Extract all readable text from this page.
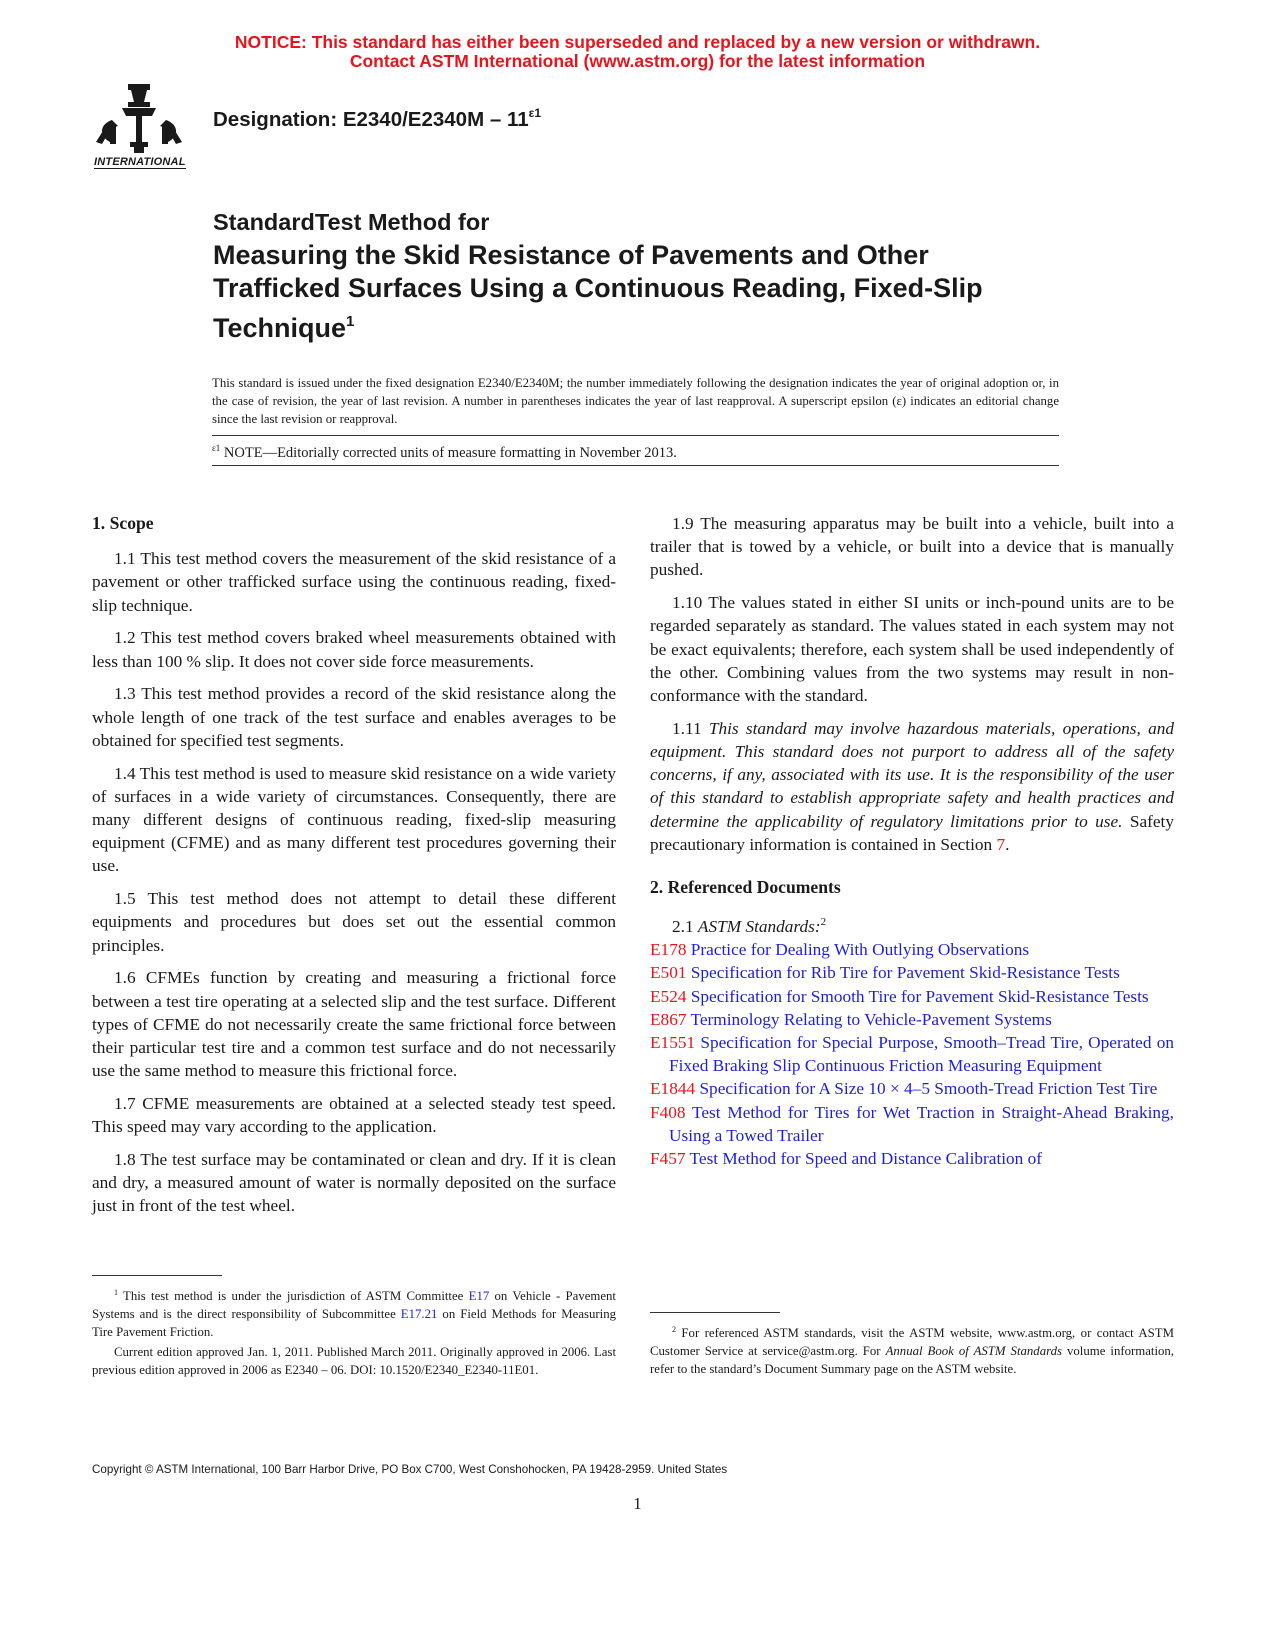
NOTICE: This standard has either been superseded and replaced by a new version or withdrawn.
Contact ASTM International (www.astm.org) for the latest information
INTERNATIONAL
Designation: $E2340/E2340M - 11^{\varepsilon 1}$
StandardTest Method for
Measuring the Skid Resistance of Pavements and Other
Trafficked Surfaces Using a Continuous Reading, Fixed-Slip
Technique$^1$
This standard is issued under the fixed designation E2340/E2340M; the number immediately following the designation indicates the year of original adoption or, in the case of revision, the year of last revision. A number in parentheses indicates the year of last reapproval. A superscript epsilon (ε) indicates an editorial change since the last revision or reapproval.
$^{\varepsilon 1}$ NOTE—Editorially corrected units of measure formatting in November 2013.
1. Scope

1.1 This test method covers the measurement of the skid resistance of a pavement or other trafficked surface using the continuous reading, fixed-slip technique.

1.2 This test method covers braked wheel measurements obtained with less than 100 % slip. It does not cover side force measurements.

1.3 This test method provides a record of the skid resistance along the whole length of one track of the test surface and enables averages to be obtained for specified test segments.

1.4 This test method is used to measure skid resistance on a wide variety of surfaces in a wide variety of circumstances. Consequently, there are many different designs of continuous reading, fixed-slip measuring equipment (CFME) and as many different test procedures governing their use.

1.5 This test method does not attempt to detail these different equipments and procedures but does set out the essential common principles.

1.6 CFMEs function by creating and measuring a frictional force between a test tire operating at a selected slip and the test surface. Different types of CFME do not necessarily create the same frictional force between their particular test tire and a common test surface and do not necessarily use the same method to measure this frictional force.

1.7 CFME measurements are obtained at a selected steady test speed. This speed may vary according to the application.

1.8 The test surface may be contaminated or clean and dry. If it is clean and dry, a measured amount of water is normally deposited on the surface just in front of the test wheel.

1.9 The measuring apparatus may be built into a vehicle, built into a trailer that is towed by a vehicle, or built into a device that is manually pushed.

1.10 The values stated in either SI units or inch-pound units are to be regarded separately as standard. The values stated in each system may not be exact equivalents; therefore, each system shall be used independently of the other. Combining values from the two systems may result in non-conformance with the standard.

1.11 This standard may involve hazardous materials, operations, and equipment. This standard does not purport to address all of the safety concerns, if any, associated with its use. It is the responsibility of the user of this standard to establish appropriate safety and health practices and determine the applicability of regulatory limitations prior to use. Safety precautionary information is contained in Section 7.

2. Referenced Documents

2.1 ASTM Standards:$^2$

E178 Practice for Dealing With Outlying Observations
E501 Specification for Rib Tire for Pavement Skid-Resistance Tests
E524 Specification for Smooth Tire for Pavement Skid-Resistance Tests
E867 Terminology Relating to Vehicle-Pavement Systems
E1551 Specification for Special Purpose, Smooth–Tread Tire, Operated on Fixed Braking Slip Continuous Friction Measuring Equipment
E1844 Specification for A Size 10 × 4–5 Smooth-Tread Friction Test Tire
F408 Test Method for Tires for Wet Traction in Straight-Ahead Braking, Using a Towed Trailer
F457 Test Method for Speed and Distance Calibration of

$^1$ This test method is under the jurisdiction of ASTM Committee E17 on Vehicle - Pavement Systems and is the direct responsibility of Subcommittee E17.21 on Field Methods for Measuring Tire Pavement Friction.

Current edition approved Jan. 1, 2011. Published March 2011. Originally approved in 2006. Last previous edition approved in 2006 as E2340 – 06. DOI: 10.1520/E2340_E2340-11E01.

$^2$ For referenced ASTM standards, visit the ASTM website, www.astm.org, or contact ASTM Customer Service at service@astm.org. For Annual Book of ASTM Standards volume information, refer to the standard’s Document Summary page on the ASTM website.

Copyright © ASTM International, 100 Barr Harbor Drive, PO Box C700, West Conshohocken, PA 19428-2959. United States
1
